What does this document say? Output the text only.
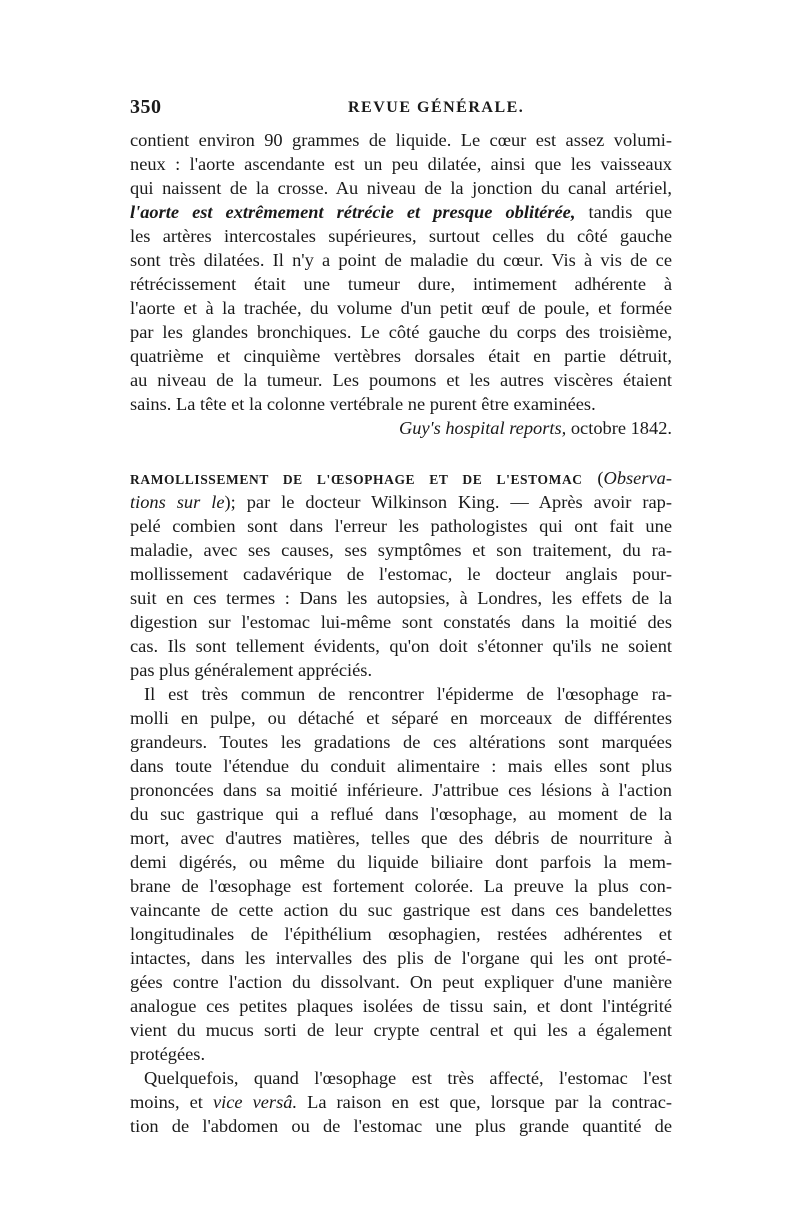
350	REVUE GÉNÉRALE.
contient environ 90 grammes de liquide. Le cœur est assez volumi-
neux : l'aorte ascendante est un peu dilatée, ainsi que les vaisseaux
qui naissent de la crosse. Au niveau de la jonction du canal artériel,
l'aorte est extrêmement rétrécie et presque oblitérée, tandis que
les artères intercostales supérieures, surtout celles du côté gauche
sont très dilatées. Il n'y a point de maladie du cœur. Vis à vis de ce
rétrécissement était une tumeur dure, intimement adhérente à
l'aorte et à la trachée, du volume d'un petit œuf de poule, et formée
par les glandes bronchiques. Le côté gauche du corps des troisième,
quatrième et cinquième vertèbres dorsales était en partie détruit,
au niveau de la tumeur. Les poumons et les autres viscères étaient
sains. La tête et la colonne vertébrale ne purent être examinées.
Guy's hospital reports, octobre 1842.
RAMOLLISSEMENT DE L'ŒSOPHAGE ET DE L'ESTOMAC (Observa-
tions sur le); par le docteur Wilkinson King. — Après avoir rap-
pelé combien sont dans l'erreur les pathologistes qui ont fait une
maladie, avec ses causes, ses symptômes et son traitement, du ra-
mollissement cadavérique de l'estomac, le docteur anglais pour-
suit en ces termes : Dans les autopsies, à Londres, les effets de la
digestion sur l'estomac lui-même sont constatés dans la moitié des
cas. Ils sont tellement évidents, qu'on doit s'étonner qu'ils ne soient
pas plus généralement appréciés.
Il est très commun de rencontrer l'épiderme de l'œsophage ra-
molli en pulpe, ou détaché et séparé en morceaux de différentes
grandeurs. Toutes les gradations de ces altérations sont marquées
dans toute l'étendue du conduit alimentaire : mais elles sont plus
prononcées dans sa moitié inférieure. J'attribue ces lésions à l'action
du suc gastrique qui a reflué dans l'œsophage, au moment de la
mort, avec d'autres matières, telles que des débris de nourriture à
demi digérés, ou même du liquide biliaire dont parfois la mem-
brane de l'œsophage est fortement colorée. La preuve la plus con-
vaincante de cette action du suc gastrique est dans ces bandelettes
longitudinales de l'épithélium œsophagien, restées adhérentes et
intactes, dans les intervalles des plis de l'organe qui les ont proté-
gées contre l'action du dissolvant. On peut expliquer d'une manière
analogue ces petites plaques isolées de tissu sain, et dont l'intégrité
vient du mucus sorti de leur crypte central et qui les a également
protégées.
Quelquefois, quand l'œsophage est très affecté, l'estomac l'est
moins, et vice versâ. La raison en est que, lorsque par la contrac-
tion de l'abdomen ou de l'estomac une plus grande quantité de
